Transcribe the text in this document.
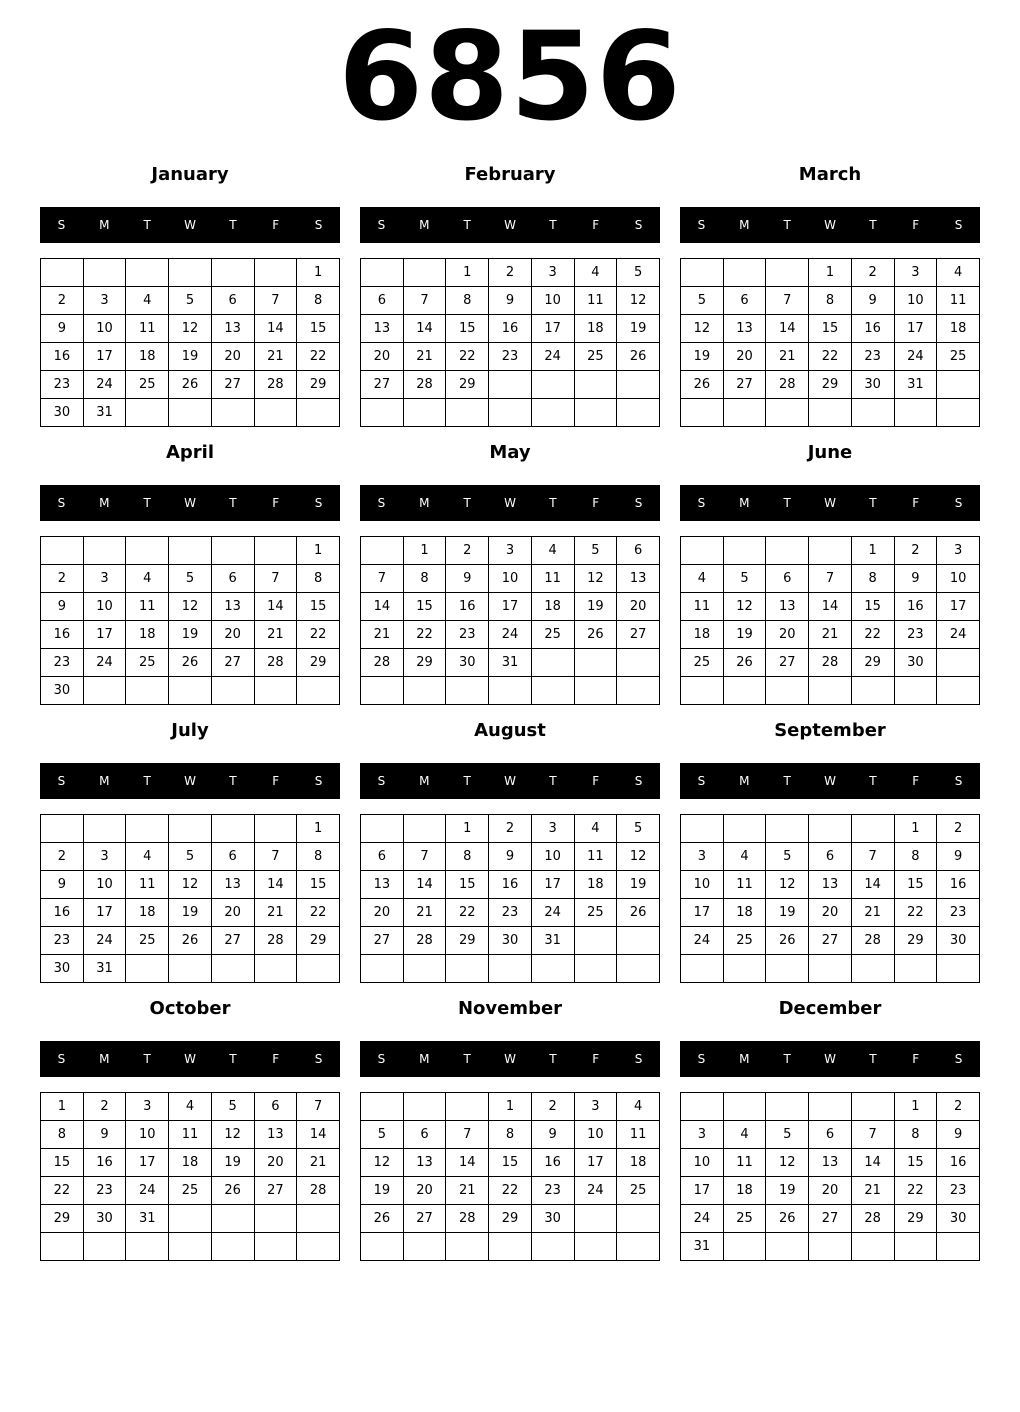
6856
January
S	M	T	W	T	F	S
						1
2	3	4	5	6	7	8
9	10	11	12	13	14	15
16	17	18	19	20	21	22
23	24	25	26	27	28	29
30	31					
February
S	M	T	W	T	F	S
		1	2	3	4	5
6	7	8	9	10	11	12
13	14	15	16	17	18	19
20	21	22	23	24	25	26
27	28	29				

March
S	M	T	W	T	F	S
			1	2	3	4
5	6	7	8	9	10	11
12	13	14	15	16	17	18
19	20	21	22	23	24	25
26	27	28	29	30	31	

April
S	M	T	W	T	F	S
						1
2	3	4	5	6	7	8
9	10	11	12	13	14	15
16	17	18	19	20	21	22
23	24	25	26	27	28	29
30						
May
S	M	T	W	T	F	S
	1	2	3	4	5	6
7	8	9	10	11	12	13
14	15	16	17	18	19	20
21	22	23	24	25	26	27
28	29	30	31			

June
S	M	T	W	T	F	S
				1	2	3
4	5	6	7	8	9	10
11	12	13	14	15	16	17
18	19	20	21	22	23	24
25	26	27	28	29	30	

July
S	M	T	W	T	F	S
						1
2	3	4	5	6	7	8
9	10	11	12	13	14	15
16	17	18	19	20	21	22
23	24	25	26	27	28	29
30	31					
August
S	M	T	W	T	F	S
		1	2	3	4	5
6	7	8	9	10	11	12
13	14	15	16	17	18	19
20	21	22	23	24	25	26
27	28	29	30	31		

September
S	M	T	W	T	F	S
					1	2
3	4	5	6	7	8	9
10	11	12	13	14	15	16
17	18	19	20	21	22	23
24	25	26	27	28	29	30

October
S	M	T	W	T	F	S
1	2	3	4	5	6	7
8	9	10	11	12	13	14
15	16	17	18	19	20	21
22	23	24	25	26	27	28
29	30	31				

November
S	M	T	W	T	F	S
			1	2	3	4
5	6	7	8	9	10	11
12	13	14	15	16	17	18
19	20	21	22	23	24	25
26	27	28	29	30		

December
S	M	T	W	T	F	S
					1	2
3	4	5	6	7	8	9
10	11	12	13	14	15	16
17	18	19	20	21	22	23
24	25	26	27	28	29	30
31						
